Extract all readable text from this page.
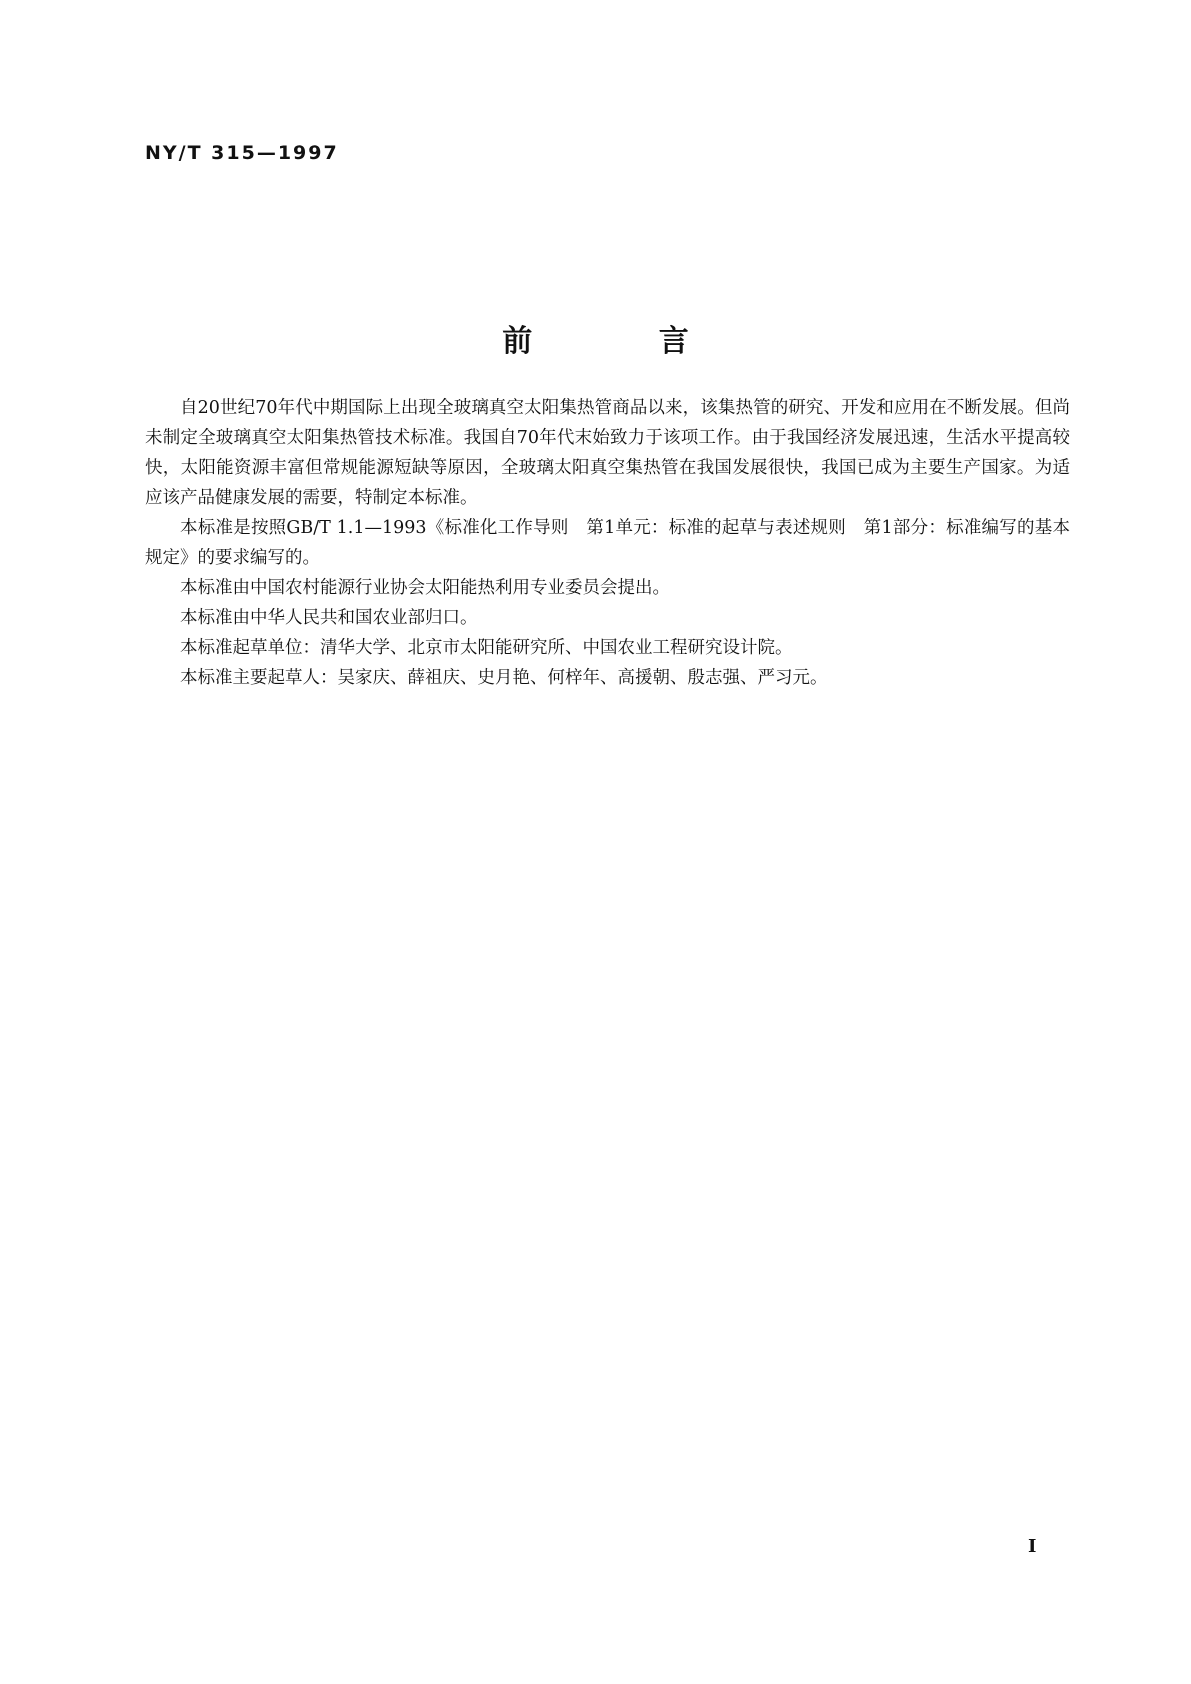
NY/T 315—1997
前 言

自20世纪70年代中期国际上出现全玻璃真空太阳集热管商品以来，该集热管的研究、开发和应用在不断发展。但尚未制定全玻璃真空太阳集热管技术标准。我国自70年代末始致力于该项工作。由于我国经济发展迅速，生活水平提高较快，太阳能资源丰富但常规能源短缺等原因，全玻璃太阳真空集热管在我国发展很快，我国已成为主要生产国家。为适应该产品健康发展的需要，特制定本标准。

本标准是按照GB/T 1.1—1993《标准化工作导则　第1单元：标准的起草与表述规则　第1部分：标准编写的基本规定》的要求编写的。

本标准由中国农村能源行业协会太阳能热利用专业委员会提出。

本标准由中华人民共和国农业部归口。

本标准起草单位：清华大学、北京市太阳能研究所、中国农业工程研究设计院。

本标准主要起草人：吴家庆、薛祖庆、史月艳、何梓年、高援朝、殷志强、严习元。

I
